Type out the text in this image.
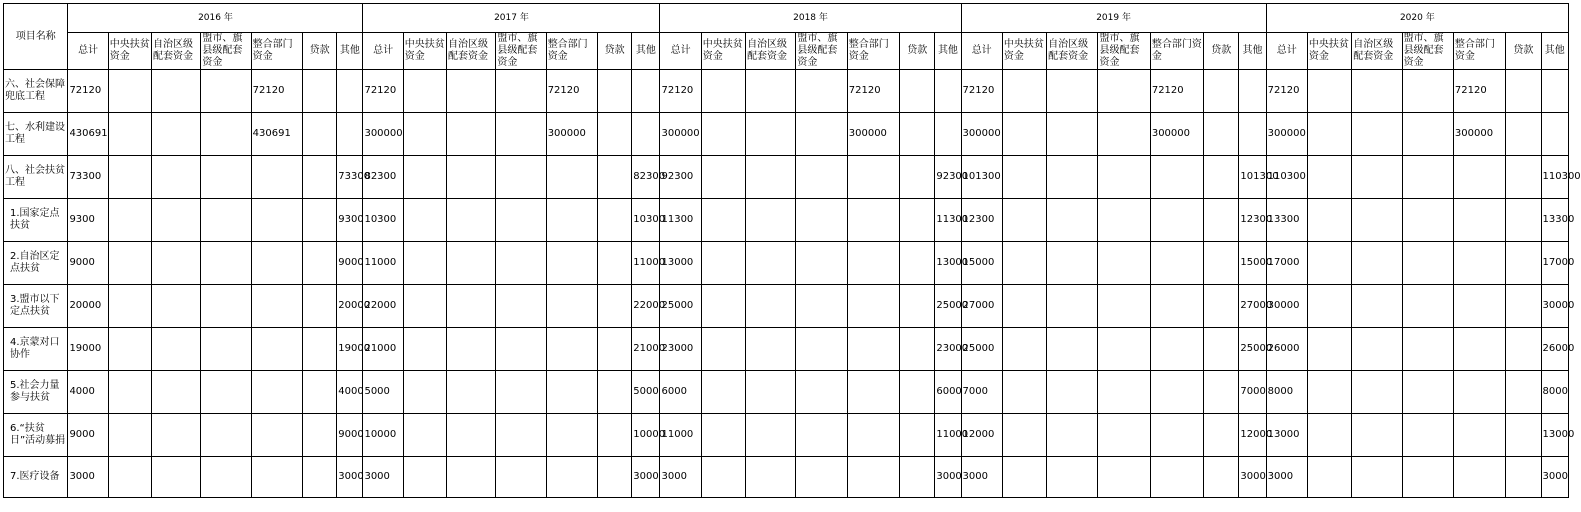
项目名称	2016 年							2017 年							2018 年							2019 年							2020 年						
	总计	中央扶贫资金	自治区级配套资金	盟市、旗县级配套资金	整合部门资金	贷款	其他	总计	中央扶贫资金	自治区级配套资金	盟市、旗县级配套资金	整合部门资金	贷款	其他	总计	中央扶贫资金	自治区级配套资金	盟市、旗县级配套资金	整合部门资金	贷款	其他	总计	中央扶贫资金	自治区级配套资金	盟市、旗县级配套资金	整合部门资金	贷款	其他	总计	中央扶贫资金	自治区级配套资金	盟市、旗县级配套资金	整合部门资金	贷款	其他
六、社会保障兜底工程	72120				72120			72120				72120			72120				72120			72120				72120			72120				72120		
七、水利建设工程	430691				430691			300000				300000			300000				300000			300000				300000			300000				300000		
八、社会扶贫工程	73300						73300	82300						82300	92300						92300	101300						101300	110300						110300
1.国家定点扶贫	9300						9300	10300						10300	11300						11300	12300						12300	13300						13300
2.自治区定点扶贫	9000						9000	11000						11000	13000						13000	15000						15000	17000						17000
3.盟市以下定点扶贫	20000						20000	22000						22000	25000						25000	27000						27000	30000						30000
4.京蒙对口协作	19000						19000	21000						21000	23000						23000	25000						25000	26000						26000
5.社会力量参与扶贫	4000						4000	5000						5000	6000						6000	7000						7000	8000						8000
6.“扶贫日”活动募捐	9000						9000	10000						10000	11000						11000	12000						12000	13000						13000
7.医疗设备	3000						3000	3000						3000	3000						3000	3000						3000	3000						3000
